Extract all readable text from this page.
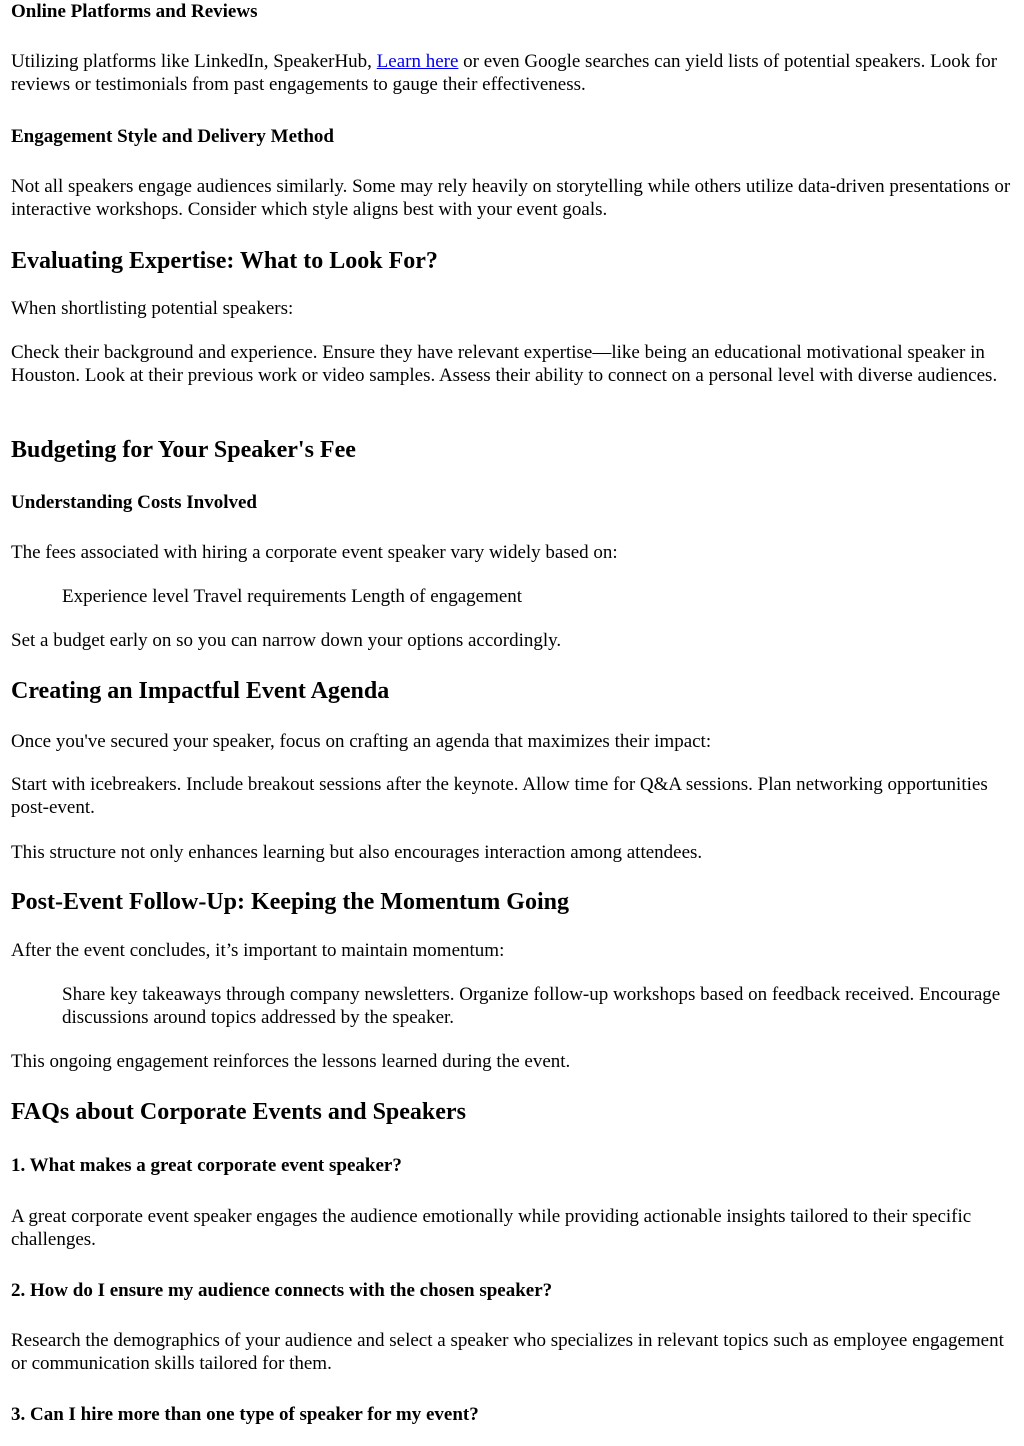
Online Platforms and Reviews

Utilizing platforms like LinkedIn, SpeakerHub, Learn here or even Google searches can yield lists of potential speakers. Look for reviews or testimonials from past engagements to gauge their effectiveness.

Engagement Style and Delivery Method

Not all speakers engage audiences similarly. Some may rely heavily on storytelling while others utilize data-driven presentations or interactive workshops. Consider which style aligns best with your event goals.

Evaluating Expertise: What to Look For?

When shortlisting potential speakers:

Check their background and experience. Ensure they have relevant expertise—like being an educational motivational speaker in Houston. Look at their previous work or video samples. Assess their ability to connect on a personal level with diverse audiences.

Budgeting for Your Speaker's Fee
Understanding Costs Involved

The fees associated with hiring a corporate event speaker vary widely based on:

Experience level Travel requirements Length of engagement

Set a budget early on so you can narrow down your options accordingly.

Creating an Impactful Event Agenda

Once you've secured your speaker, focus on crafting an agenda that maximizes their impact:

Start with icebreakers. Include breakout sessions after the keynote. Allow time for Q&A sessions. Plan networking opportunities post-event.

This structure not only enhances learning but also encourages interaction among attendees.

Post-Event Follow-Up: Keeping the Momentum Going

After the event concludes, it’s important to maintain momentum:

Share key takeaways through company newsletters. Organize follow-up workshops based on feedback received. Encourage discussions around topics addressed by the speaker.

This ongoing engagement reinforces the lessons learned during the event.

FAQs about Corporate Events and Speakers
1. What makes a great corporate event speaker?

A great corporate event speaker engages the audience emotionally while providing actionable insights tailored to their specific challenges.

2. How do I ensure my audience connects with the chosen speaker?

Research the demographics of your audience and select a speaker who specializes in relevant topics such as employee engagement or communication skills tailored for them.

3. Can I hire more than one type of speaker for my event?
